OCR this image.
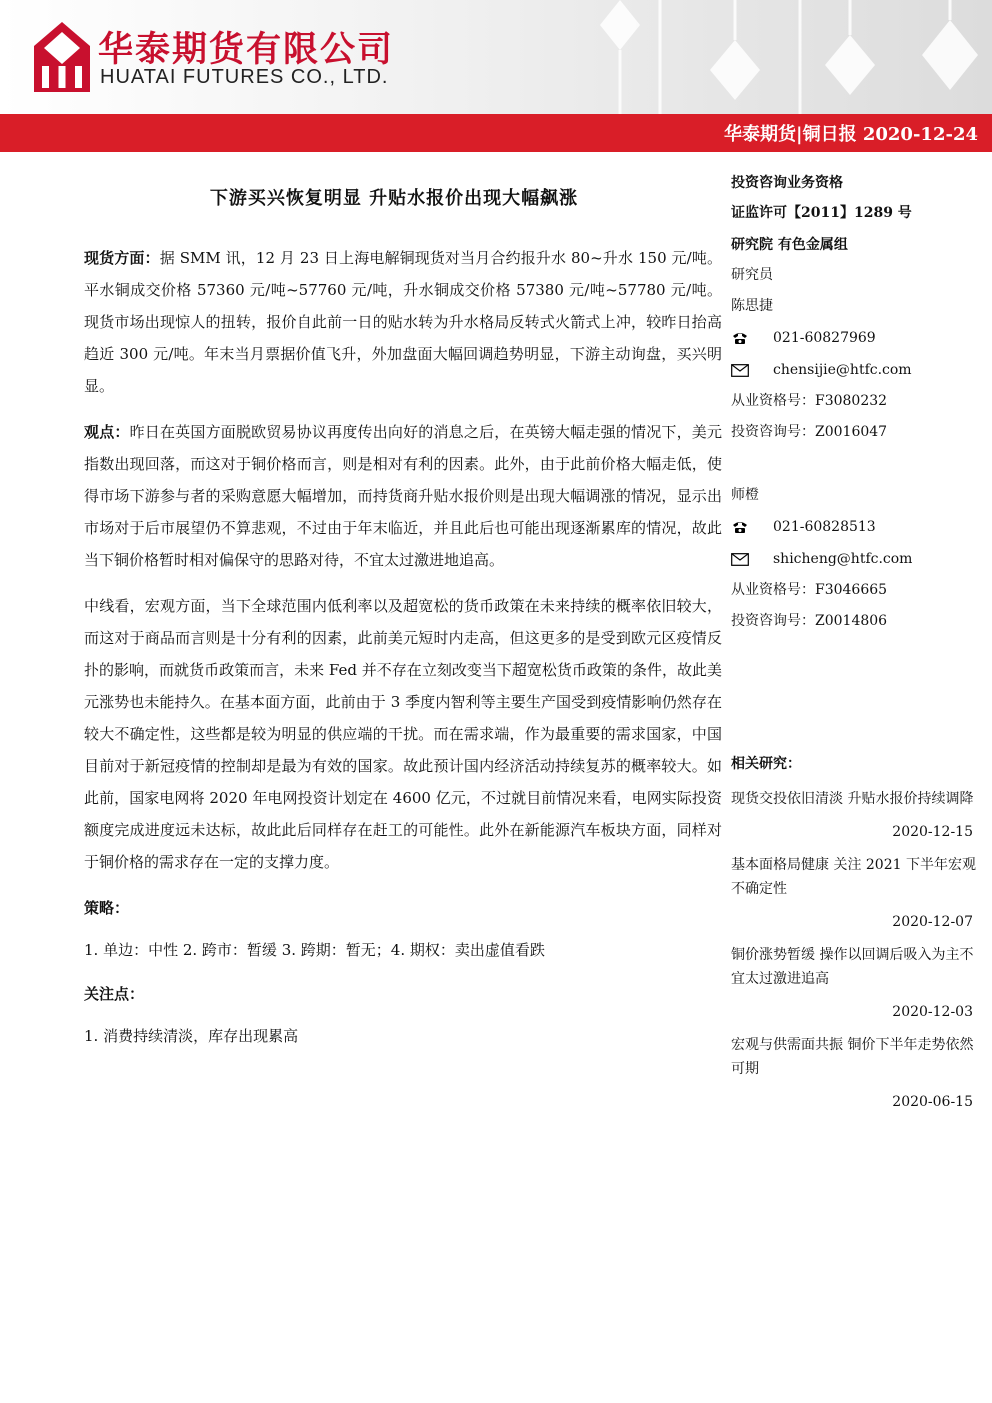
华泰期货有限公司
HUATAI FUTURES CO., LTD.
华泰期货|铜日报 2020-12-24
下游买兴恢复明显 升贴水报价出现大幅飙涨

现货方面：据 SMM 讯，12 月 23 日上海电解铜现货对当月合约报升水 80~升水 150 元/吨。平水铜成交价格 57360 元/吨~57760 元/吨，升水铜成交价格 57380 元/吨~57780 元/吨。现货市场出现惊人的扭转，报价自此前一日的贴水转为升水格局反转式火箭式上冲，较昨日抬高趋近 300 元/吨。年末当月票据价值飞升，外加盘面大幅回调趋势明显，下游主动询盘，买兴明显。

观点：昨日在英国方面脱欧贸易协议再度传出向好的消息之后，在英镑大幅走强的情况下，美元指数出现回落，而这对于铜价格而言，则是相对有利的因素。此外，由于此前价格大幅走低，使得市场下游参与者的采购意愿大幅增加，而持货商升贴水报价则是出现大幅调涨的情况，显示出市场对于后市展望仍不算悲观，不过由于年末临近，并且此后也可能出现逐渐累库的情况，故此当下铜价格暂时相对偏保守的思路对待，不宜太过激进地追高。

中线看，宏观方面，当下全球范围内低利率以及超宽松的货币政策在未来持续的概率依旧较大，而这对于商品而言则是十分有利的因素，此前美元短时内走高，但这更多的是受到欧元区疫情反扑的影响，而就货币政策而言，未来 Fed 并不存在立刻改变当下超宽松货币政策的条件，故此美元涨势也未能持久。在基本面方面，此前由于 3 季度内智利等主要生产国受到疫情影响仍然存在较大不确定性，这些都是较为明显的供应端的干扰。而在需求端，作为最重要的需求国家，中国目前对于新冠疫情的控制却是最为有效的国家。故此预计国内经济活动持续复苏的概率较大。如此前，国家电网将 2020 年电网投资计划定在 4600 亿元，不过就目前情况来看，电网实际投资额度完成进度远未达标，故此此后同样存在赶工的可能性。此外在新能源汽车板块方面，同样对于铜价格的需求存在一定的支撑力度。

策略：
1. 单边：中性 2. 跨市：暂缓 3. 跨期：暂无；4. 期权：卖出虚值看跌
关注点：
1. 消费持续清淡，库存出现累高
投资咨询业务资格
证监许可【2011】1289 号
研究院 有色金属组
研究员
陈思捷
021-60827969
chensijie@htfc.com
从业资格号：F3080232
投资咨询号：Z0016047
师橙
021-60828513
shicheng@htfc.com
从业资格号：F3046665
投资咨询号：Z0014806
相关研究：
现货交投依旧清淡 升贴水报价持续调降
2020-12-15
基本面格局健康 关注 2021 下半年宏观不确定性
2020-12-07
铜价涨势暂缓 操作以回调后吸入为主不宜太过激进追高
2020-12-03
宏观与供需面共振 铜价下半年走势依然可期
2020-06-15
